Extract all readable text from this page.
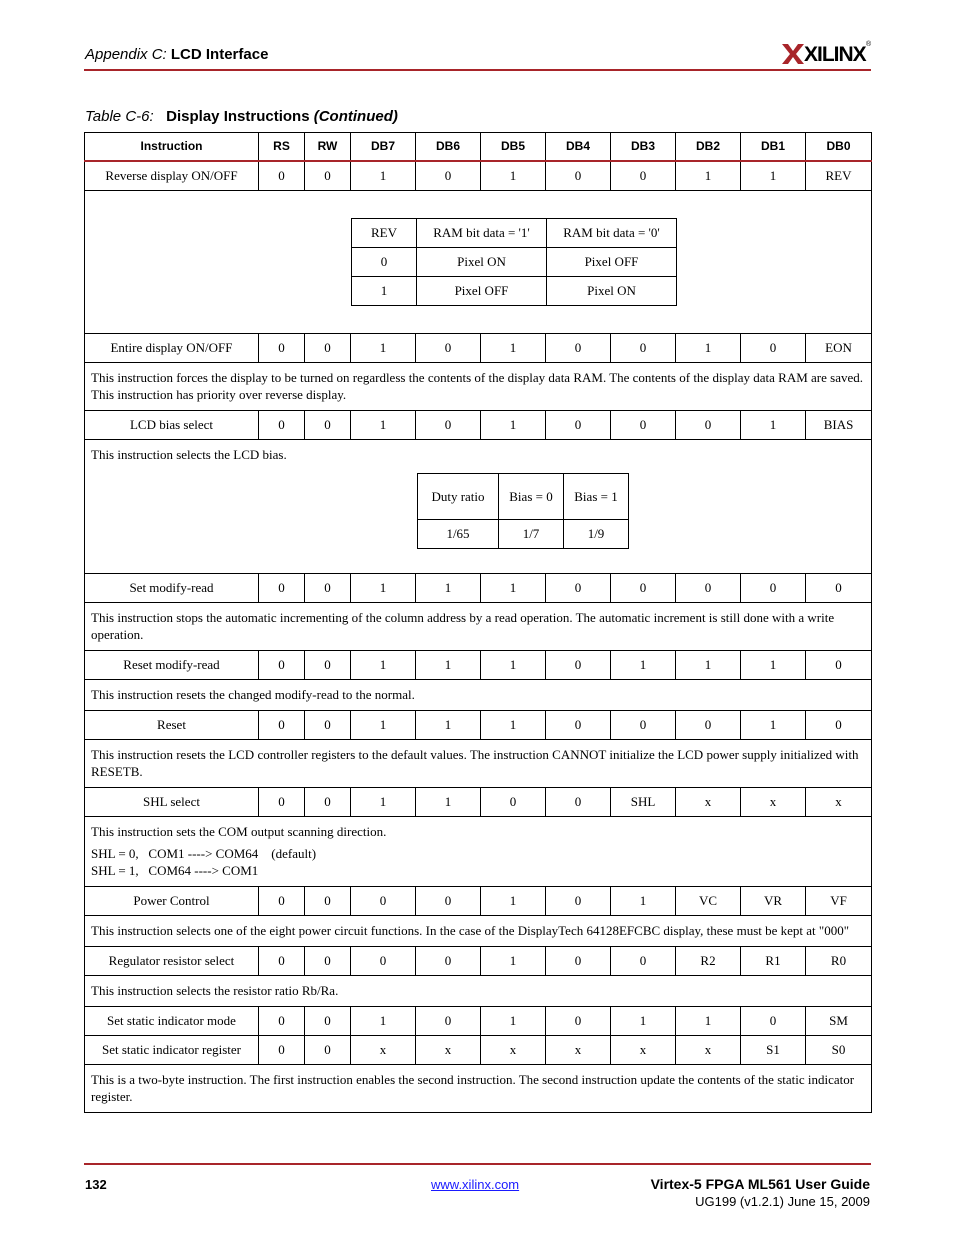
Appendix C: LCD Interface	XILINX ®
Table C-6: Display Instructions (Continued)
Instruction	RS	RW	DB7	DB6	DB5	DB4	DB3	DB2	DB1	DB0
Reverse display ON/OFF	0	0	1	0	1	0	0	1	1	REV

REV	RAM bit data = '1'	RAM bit data = '0'
0	Pixel ON	Pixel OFF
1	Pixel OFF	Pixel ON

Entire display ON/OFF	0	0	1	0	1	0	0	1	0	EON
This instruction forces the display to be turned on regardless the contents of the display data RAM. The contents of the display data RAM are saved. This instruction has priority over reverse display.
LCD bias select	0	0	1	0	1	0	0	0	1	BIAS

This instruction selects the LCD bias.

Duty ratio	Bias = 0	Bias = 1
1/65	1/7	1/9

Set modify-read	0	0	1	1	1	0	0	0	0	0
This instruction stops the automatic incrementing of the column address by a read operation. The automatic increment is still done with a write operation.
Reset modify-read	0	0	1	1	1	0	1	1	1	0
This instruction resets the changed modify-read to the normal.
Reset	0	0	1	1	1	0	0	0	1	0
This instruction resets the LCD controller registers to the default values. The instruction CANNOT initialize the LCD power supply initialized with RESETB.
SHL select	0	0	1	1	0	0	SHL	x	x	x

This instruction sets the COM output scanning direction.

SHL = 0,   COM1 ----> COM64    (default)

SHL = 1,   COM64 ----> COM1

Power Control	0	0	0	0	1	0	1	VC	VR	VF
This instruction selects one of the eight power circuit functions. In the case of the DisplayTech 64128EFCBC display, these must be kept at "000"
Regulator resistor select	0	0	0	0	1	0	0	R2	R1	R0
This instruction selects the resistor ratio Rb/Ra.
Set static indicator mode	0	0	1	0	1	0	1	1	0	SM
Set static indicator register	0	0	x	x	x	x	x	x	S1	S0
This is a two-byte instruction. The first instruction enables the second instruction. The second instruction update the contents of the static indicator register.
132	www.xilinx.com	Virtex-5 FPGA ML561 User Guide
UG199 (v1.2.1) June 15, 2009
